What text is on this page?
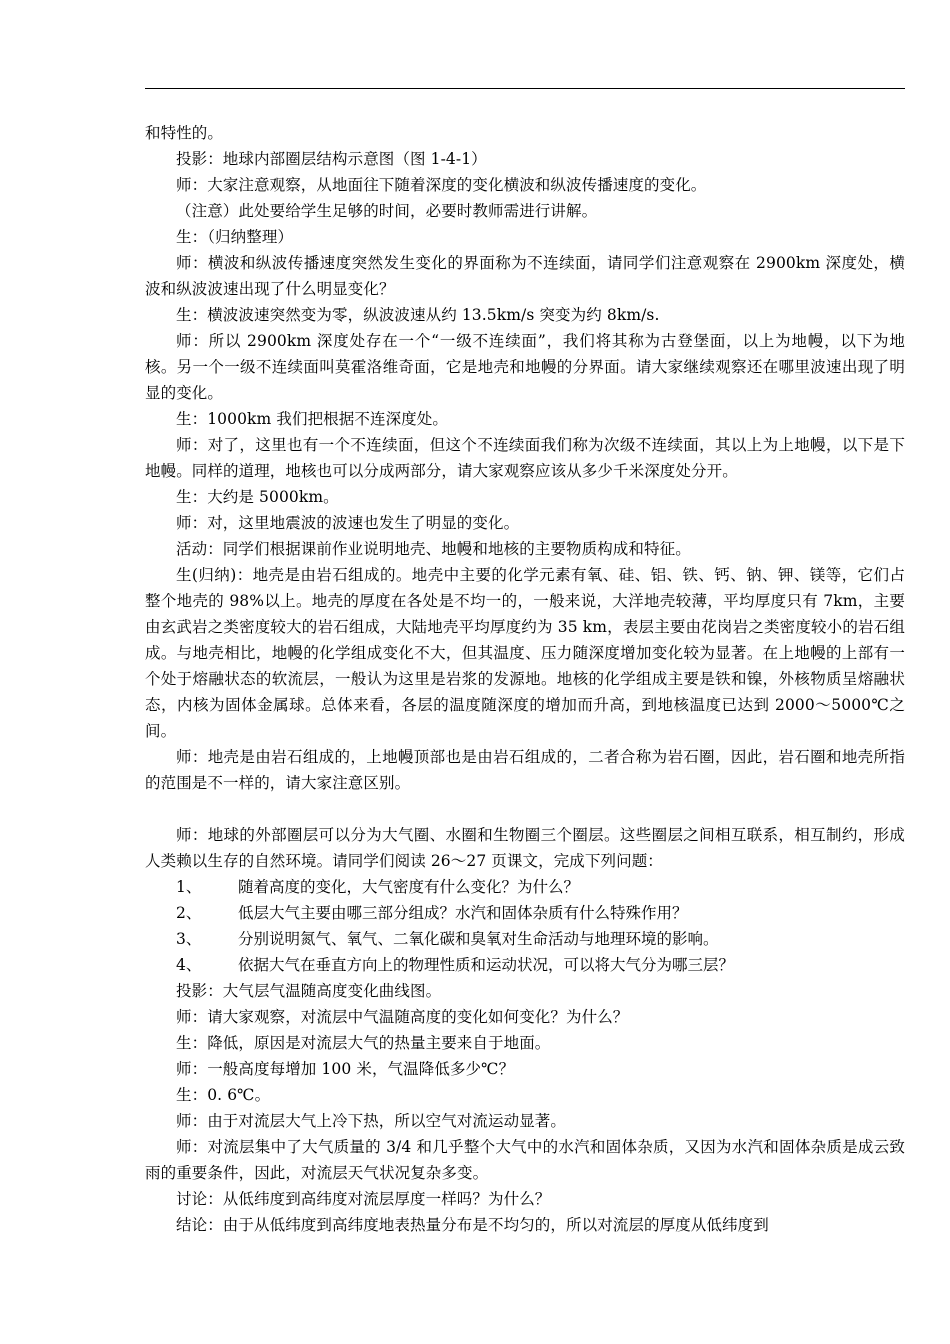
和特性的。

投影：地球内部圈层结构示意图（图 1-4-1）

师：大家注意观察，从地面往下随着深度的变化横波和纵波传播速度的变化。

（注意）此处要给学生足够的时间，必要时教师需进行讲解。

生：（归纳整理）

师：横波和纵波传播速度突然发生变化的界面称为不连续面，请同学们注意观察在 2900km 深度处，横波和纵波波速出现了什么明显变化？

生：横波波速突然变为零，纵波波速从约 13.5km/s 突变为约 8km/s.

师：所以 2900km 深度处存在一个“一级不连续面”，我们将其称为古登堡面，以上为地幔，以下为地核。另一个一级不连续面叫莫霍洛维奇面，它是地壳和地幔的分界面。请大家继续观察还在哪里波速出现了明显的变化。

生：1000km 我们把根据不连深度处。

师：对了，这里也有一个不连续面，但这个不连续面我们称为次级不连续面，其以上为上地幔，以下是下地幔。同样的道理，地核也可以分成两部分，请大家观察应该从多少千米深度处分开。

生：大约是 5000km。

师：对，这里地震波的波速也发生了明显的变化。

活动：同学们根据课前作业说明地壳、地幔和地核的主要物质构成和特征。

生(归纳)：地壳是由岩石组成的。地壳中主要的化学元素有氧、硅、铝、铁、钙、钠、钾、镁等，它们占整个地壳的 98%以上。地壳的厚度在各处是不均一的，一般来说，大洋地壳较薄，平均厚度只有 7km，主要由玄武岩之类密度较大的岩石组成，大陆地壳平均厚度约为 35 km，表层主要由花岗岩之类密度较小的岩石组成。与地壳相比，地幔的化学组成变化不大，但其温度、压力随深度增加变化较为显著。在上地幔的上部有一个处于熔融状态的软流层，一般认为这里是岩浆的发源地。地核的化学组成主要是铁和镍，外核物质呈熔融状态，内核为固体金属球。总体来看，各层的温度随深度的增加而升高，到地核温度已达到 2000～5000℃之间。

师：地壳是由岩石组成的，上地幔顶部也是由岩石组成的，二者合称为岩石圈，因此，岩石圈和地壳所指的范围是不一样的，请大家注意区别。

师：地球的外部圈层可以分为大气圈、水圈和生物圈三个圈层。这些圈层之间相互联系，相互制约，形成人类赖以生存的自然环境。请同学们阅读 26～27 页课文，完成下列问题：

1、 随着高度的变化，大气密度有什么变化？为什么？
2、 低层大气主要由哪三部分组成？水汽和固体杂质有什么特殊作用？
3、 分别说明氮气、氧气、二氧化碳和臭氧对生命活动与地理环境的影响。
4、 依据大气在垂直方向上的物理性质和运动状况，可以将大气分为哪三层？

投影：大气层气温随高度变化曲线图。

师：请大家观察，对流层中气温随高度的变化如何变化？为什么？

生：降低，原因是对流层大气的热量主要来自于地面。

师：一般高度每增加 100 米，气温降低多少℃？

生：0. 6℃。

师：由于对流层大气上冷下热，所以空气对流运动显著。

师：对流层集中了大气质量的 3/4 和几乎整个大气中的水汽和固体杂质，又因为水汽和固体杂质是成云致雨的重要条件，因此，对流层天气状况复杂多变。

讨论：从低纬度到高纬度对流层厚度一样吗？为什么？

结论：由于从低纬度到高纬度地表热量分布是不均匀的，所以对流层的厚度从低纬度到
